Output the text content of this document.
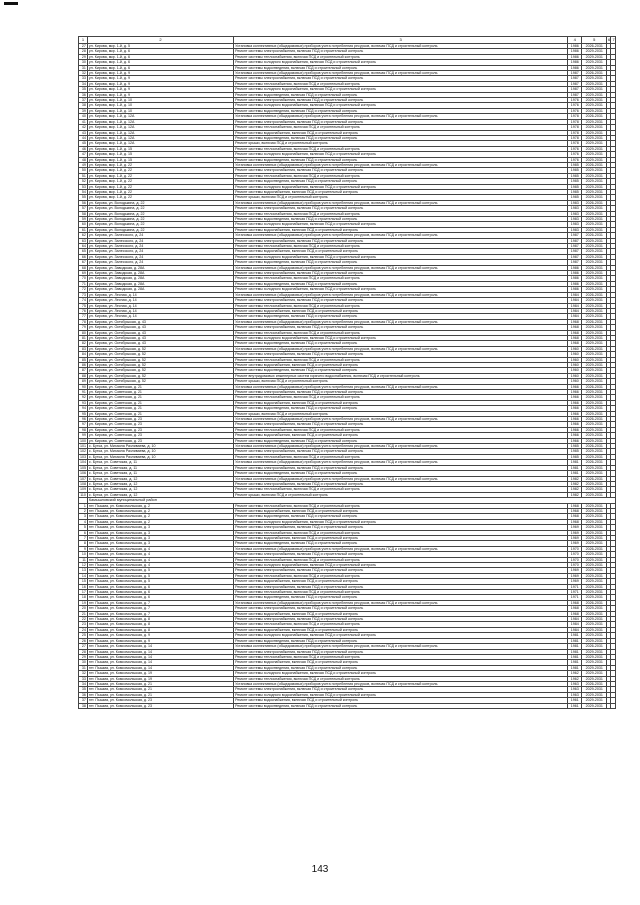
1	2	3	4	5	6	7
27	ул. Кирова, мкр. 1-й, д. 5	Установка коллективных (общедомовых) приборов учета потребления ресурсов, включая ПСД и строительный контроль	1986	2026-2031		
28	ул. Кирова, мкр. 1-й, д. 6	Ремонт системы электроснабжения, включая ПСД и строительный контроль	1986	2029-2031		
29	ул. Кирова, мкр. 1-й, д. 6	Ремонт системы теплоснабжения, включая ПСД и строительный контроль	1986	2029-2031		
30	ул. Кирова, мкр. 1-й, д. 6	Ремонт системы холодного водоснабжения, включая ПСД и строительный контроль	1986	2029-2031		
31	ул. Кирова, мкр. 1-й, д. 6	Ремонт системы водоотведения, включая ПСД и строительный контроль	1986	2029-2031		
32	ул. Кирова, мкр. 1-й, д. 9	Установка коллективных (общедомовых) приборов учета потребления ресурсов, включая ПСД и строительный контроль	1987	2026-2031		
33	ул. Кирова, мкр. 1-й, д. 9	Ремонт системы электроснабжения, включая ПСД и строительный контроль	1987	2029-2031		
34	ул. Кирова, мкр. 1-й, д. 9	Ремонт системы теплоснабжения, включая ПСД и строительный контроль	1987	2029-2031		
35	ул. Кирова, мкр. 1-й, д. 9	Ремонт системы холодного водоснабжения, включая ПСД и строительный контроль	1987	2029-2031		
36	ул. Кирова, мкр. 1-й, д. 9	Ремонт системы водоотведения, включая ПСД и строительный контроль	1987	2029-2031		
37	ул. Кирова, мкр. 1-й, д. 10	Ремонт системы электроснабжения, включая ПСД и строительный контроль	1976	2029-2031		
38	ул. Кирова, мкр. 1-й, д. 10	Ремонт системы холодного водоснабжения, включая ПСД и строительный контроль	1976	2029-2031		
39	ул. Кирова, мкр. 1-й, д. 10	Ремонт системы водоотведения, включая ПСД и строительный контроль	1976	2029-2031		
40	ул. Кирова, мкр. 1-й, д. 12А	Установка коллективных (общедомовых) приборов учета потребления ресурсов, включая ПСД и строительный контроль	1978	2026-2031		
41	ул. Кирова, мкр. 1-й, д. 12А	Ремонт системы электроснабжения, включая ПСД и строительный контроль	1978	2029-2031		
42	ул. Кирова, мкр. 1-й, д. 12А	Ремонт системы теплоснабжения, включая ПСД и строительный контроль	1978	2029-2031		
43	ул. Кирова, мкр. 1-й, д. 12А	Ремонт системы водоснабжения, включая ПСД и строительный контроль	1978	2029-2031		
44	ул. Кирова, мкр. 1-й, д. 12А	Ремонт системы водоотведения, включая ПСД и строительный контроль	1978	2029-2031		
45	ул. Кирова, мкр. 1-й, д. 12А	Ремонт крыши, включая ПСД и строительный контроль	1978	2029-2031		
46	ул. Кирова, мкр. 1-й, д. 15	Ремонт системы теплоснабжения, включая ПСД и строительный контроль	1976	2029-2031		
47	ул. Кирова, мкр. 1-й, д. 15	Ремонт системы холодного водоснабжения, включая ПСД и строительный контроль	1976	2029-2031		
48	ул. Кирова, мкр. 1-й, д. 15	Ремонт системы водоотведения, включая ПСД и строительный контроль	1976	2029-2031		
49	ул. Кирова, мкр. 1-й, д. 22	Установка коллективных (общедомовых) приборов учета потребления ресурсов, включая ПСД и строительный контроль	1985	2026-2031		
50	ул. Кирова, мкр. 1-й, д. 22	Ремонт системы электроснабжения, включая ПСД и строительный контроль	1985	2029-2031		
51	ул. Кирова, мкр. 1-й, д. 22	Ремонт системы теплоснабжения, включая ПСД и строительный контроль	1985	2029-2031		
52	ул. Кирова, мкр. 1-й, д. 22	Ремонт системы водоотведения, включая ПСД и строительный контроль	1985	2029-2031		
53	ул. Кирова, мкр. 1-й, д. 22	Ремонт системы холодного водоснабжения, включая ПСД и строительный контроль	1985	2029-2031		
54	ул. Кирова, мкр. 1-й, д. 22	Ремонт системы водоснабжения, включая ПСД и строительный контроль	1985	2029-2031		
55	ул. Кирова, мкр. 1-й, д. 22	Ремонт крыши, включая ПСД и строительный контроль	1985	2029-2031		
56	ул. Кирова, ул. Володькина, д. 22	Установка коллективных (общедомовых) приборов учета потребления ресурсов, включая ПСД и строительный контроль	1983	2026-2031		
57	ул. Кирова, ул. Володькина, д. 22	Ремонт системы электроснабжения, включая ПСД и строительный контроль	1983	2029-2031		
58	ул. Кирова, ул. Володькина, д. 22	Ремонт системы теплоснабжения, включая ПСД и строительный контроль	1983	2029-2031		
59	ул. Кирова, ул. Володькина, д. 22	Ремонт системы водоотведения, включая ПСД и строительный контроль	1983	2029-2031		
60	ул. Кирова, ул. Володькина, д. 22	Ремонт системы холодного водоснабжения, включая ПСД и строительный контроль	1983	2029-2031		
61	ул. Кирова, ул. Володькина, д. 22	Ремонт системы водоснабжения, включая ПСД и строительный контроль	1983	2029-2031		
62	ул. Кирова, ул. Залесского, д. 24	Установка коллективных (общедомовых) приборов учета потребления ресурсов, включая ПСД и строительный контроль	1987	2026-2031		
63	ул. Кирова, ул. Залесского, д. 24	Ремонт системы электроснабжения, включая ПСД и строительный контроль	1987	2029-2031		
64	ул. Кирова, ул. Залесского, д. 24	Ремонт системы теплоснабжения, включая ПСД и строительный контроль	1987	2029-2031		
65	ул. Кирова, ул. Залесского, д. 24	Ремонт системы водоснабжения, включая ПСД и строительный контроль	1987	2029-2031		
66	ул. Кирова, ул. Залесского, д. 24	Ремонт системы холодного водоснабжения, включая ПСД и строительный контроль	1987	2029-2031		
67	ул. Кирова, ул. Залесского, д. 24	Ремонт системы водоотведения, включая ПСД и строительный контроль	1987	2029-2031		
68	ул. Кирова, ул. Заводская, д. 28А	Установка коллективных (общедомовых) приборов учета потребления ресурсов, включая ПСД и строительный контроль	1986	2026-2031		
69	ул. Кирова, ул. Заводская, д. 28А	Ремонт системы электроснабжения, включая ПСД и строительный контроль	1986	2029-2031		
70	ул. Кирова, ул. Заводская, д. 28А	Ремонт системы теплоснабжения, включая ПСД и строительный контроль	1986	2029-2031		
71	ул. Кирова, ул. Заводская, д. 28А	Ремонт системы водоотведения, включая ПСД и строительный контроль	1986	2029-2031		
72	ул. Кирова, ул. Заводская, д. 28А	Ремонт системы холодного водоснабжения, включая ПСД и строительный контроль	1986	2029-2031		
73	ул. Кирова, ул. Лесная, д. 14	Установка коллективных (общедомовых) приборов учета потребления ресурсов, включая ПСД и строительный контроль	1984	2026-2031		
74	ул. Кирова, ул. Лесная, д. 14	Ремонт системы электроснабжения, включая ПСД и строительный контроль	1984	2029-2031		
75	ул. Кирова, ул. Лесная, д. 14	Ремонт системы теплоснабжения, включая ПСД и строительный контроль	1984	2029-2031		
76	ул. Кирова, ул. Лесная, д. 14	Ремонт системы водоснабжения, включая ПСД и строительный контроль	1984	2029-2031		
77	ул. Кирова, ул. Лесная, д. 14	Ремонт системы водоотведения, включая ПСД и строительный контроль	1984	2029-2031		
78	ул. Кирова, ул. Октябрьская, д. 43	Установка коллективных (общедомовых) приборов учета потребления ресурсов, включая ПСД и строительный контроль	1968	2026-2031		
79	ул. Кирова, ул. Октябрьская, д. 43	Ремонт системы электроснабжения, включая ПСД и строительный контроль	1968	2029-2031		
80	ул. Кирова, ул. Октябрьская, д. 43	Ремонт системы теплоснабжения, включая ПСД и строительный контроль	1968	2029-2031		
81	ул. Кирова, ул. Октябрьская, д. 43	Ремонт системы холодного водоснабжения, включая ПСД и строительный контроль	1968	2029-2031		
82	ул. Кирова, ул. Октябрьская, д. 43	Ремонт системы водоотведения, включая ПСД и строительный контроль	1968	2029-2031		
83	ул. Кирова, ул. Октябрьская, д. 52	Установка коллективных (общедомовых) приборов учета потребления ресурсов, включая ПСД и строительный контроль	1960	2026-2031		
84	ул. Кирова, ул. Октябрьская, д. 52	Ремонт системы электроснабжения, включая ПСД и строительный контроль	1960	2029-2031		
85	ул. Кирова, ул. Октябрьская, д. 52	Ремонт системы теплоснабжения, включая ПСД и строительный контроль	1960	2029-2031		
86	ул. Кирова, ул. Октябрьская, д. 52	Ремонт системы водоснабжения, включая ПСД и строительный контроль	1960	2029-2031		
87	ул. Кирова, ул. Октябрьская, д. 52	Ремонт системы водоотведения, включая ПСД и строительный контроль	1960	2029-2031		
88	ул. Кирова, ул. Октябрьская, д. 52	Ремонт внутридомовых инженерных систем горячего водоснабжения, включая ПСД и строительный контроль	1960	2029-2031		
89	ул. Кирова, ул. Октябрьская, д. 52	Ремонт крыши, включая ПСД и строительный контроль	1960	2029-2031		
90	ул. Кирова, ул. Советская, д. 21	Установка коллективных (общедомовых) приборов учета потребления ресурсов, включая ПСД и строительный контроль	1966	2026-2031		
91	ул. Кирова, ул. Советская, д. 21	Ремонт системы электроснабжения, включая ПСД и строительный контроль	1966	2029-2031		
92	ул. Кирова, ул. Советская, д. 21	Ремонт системы теплоснабжения, включая ПСД и строительный контроль	1966	2029-2031		
93	ул. Кирова, ул. Советская, д. 21	Ремонт системы водоснабжения, включая ПСД и строительный контроль	1966	2029-2031		
94	ул. Кирова, ул. Советская, д. 21	Ремонт системы водоотведения, включая ПСД и строительный контроль	1966	2029-2031		
95	ул. Кирова, ул. Советская, д. 21	Ремонт крыши, включая ПСД и строительный контроль	1966	2029-2031		
96	ул. Кирова, ул. Советская, д. 23	Установка коллективных (общедомовых) приборов учета потребления ресурсов, включая ПСД и строительный контроль	1966	2026-2031		
97	ул. Кирова, ул. Советская, д. 23	Ремонт системы электроснабжения, включая ПСД и строительный контроль	1966	2029-2031		
98	ул. Кирова, ул. Советская, д. 23	Ремонт системы теплоснабжения, включая ПСД и строительный контроль	1966	2029-2031		
99	ул. Кирова, ул. Советская, д. 23	Ремонт системы водоснабжения, включая ПСД и строительный контроль	1966	2029-2031		
100	ул. Кирова, ул. Советская, д. 23	Ремонт системы водоотведения, включая ПСД и строительный контроль	1966	2029-2031		
101	с. Бутка, ул. Михаила Разливаева, д. 10	Установка коллективных (общедомовых) приборов учета потребления ресурсов, включая ПСД и строительный контроль	1985	2026-2031		
102	с. Бутка, ул. Михаила Разливаева, д. 10	Ремонт системы электроснабжения, включая ПСД и строительный контроль	1985	2029-2031		
103	с. Бутка, ул. Михаила Разливаева, д. 10	Ремонт системы теплоснабжения, включая ПСД и строительный контроль	1985	2029-2031		
104	с. Бутка, ул. Советская, д. 11	Установка коллективных (общедомовых) приборов учета потребления ресурсов, включая ПСД и строительный контроль	1981	2026-2031		
105	с. Бутка, ул. Советская, д. 11	Ремонт системы электроснабжения, включая ПСД и строительный контроль	1981	2029-2031		
106	с. Бутка, ул. Советская, д. 11	Ремонт системы водоотведения, включая ПСД и строительный контроль	1981	2029-2031		
107	с. Бутка, ул. Советская, д. 12	Установка коллективных (общедомовых) приборов учета потребления ресурсов, включая ПСД и строительный контроль	1982	2026-2031		
108	с. Бутка, ул. Советская, д. 12	Ремонт системы электроснабжения, включая ПСД и строительный контроль	1982	2029-2031		
109	с. Бутка, ул. Советская, д. 12	Ремонт системы теплоснабжения, включая ПСД и строительный контроль	1982	2029-2031		
110	с. Бутка, ул. Советская, д. 12	Ремонт крыши, включая ПСД и строительный контроль	1982	2029-2031		
	Камышловский муниципальный район					
1	пгт. Пышма, ул. Комсомольская, д. 2	Ремонт системы теплоснабжения, включая ПСД и строительный контроль	1968	2029-2031		
2	пгт. Пышма, ул. Комсомольская, д. 2	Ремонт системы водоснабжения, включая ПСД и строительный контроль	1968	2029-2031		
3	пгт. Пышма, ул. Комсомольская, д. 2	Ремонт системы водоотведения, включая ПСД и строительный контроль	1968	2029-2031		
4	пгт. Пышма, ул. Комсомольская, д. 2	Ремонт системы холодного водоснабжения, включая ПСД и строительный контроль	1968	2029-2031		
5	пгт. Пышма, ул. Комсомольская, д. 3	Ремонт системы электроснабжения, включая ПСД и строительный контроль	1969	2029-2031		
6	пгт. Пышма, ул. Комсомольская, д. 3	Ремонт системы теплоснабжения, включая ПСД и строительный контроль	1969	2029-2031		
7	пгт. Пышма, ул. Комсомольская, д. 3	Ремонт системы водоснабжения, включая ПСД и строительный контроль	1969	2029-2031		
8	пгт. Пышма, ул. Комсомольская, д. 3	Ремонт системы водоотведения, включая ПСД и строительный контроль	1969	2029-2031		
9	пгт. Пышма, ул. Комсомольская, д. 4	Установка коллективных (общедомовых) приборов учета потребления ресурсов, включая ПСД и строительный контроль	1970	2026-2031		
10	пгт. Пышма, ул. Комсомольская, д. 4	Ремонт системы электроснабжения, включая ПСД и строительный контроль	1970	2029-2031		
11	пгт. Пышма, ул. Комсомольская, д. 4	Ремонт системы теплоснабжения, включая ПСД и строительный контроль	1970	2029-2031		
12	пгт. Пышма, ул. Комсомольская, д. 4	Ремонт системы холодного водоснабжения, включая ПСД и строительный контроль	1970	2029-2031		
13	пгт. Пышма, ул. Комсомольская, д. 5	Ремонт системы электроснабжения, включая ПСД и строительный контроль	1969	2029-2031		
14	пгт. Пышма, ул. Комсомольская, д. 5	Ремонт системы теплоснабжения, включая ПСД и строительный контроль	1969	2029-2031		
15	пгт. Пышма, ул. Комсомольская, д. 5	Ремонт системы водоснабжения, включая ПСД и строительный контроль	1969	2029-2031		
16	пгт. Пышма, ул. Комсомольская, д. 6	Ремонт системы электроснабжения, включая ПСД и строительный контроль	1971	2029-2031		
17	пгт. Пышма, ул. Комсомольская, д. 6	Ремонт системы теплоснабжения, включая ПСД и строительный контроль	1971	2029-2031		
18	пгт. Пышма, ул. Комсомольская, д. 6	Ремонт системы водоотведения, включая ПСД и строительный контроль	1971	2029-2031		
19	пгт. Пышма, ул. Комсомольская, д. 7	Установка коллективных (общедомовых) приборов учета потребления ресурсов, включая ПСД и строительный контроль	1968	2026-2031		
20	пгт. Пышма, ул. Комсомольская, д. 7	Ремонт системы электроснабжения, включая ПСД и строительный контроль	1968	2029-2031		
21	пгт. Пышма, ул. Комсомольская, д. 7	Ремонт системы водоснабжения, включая ПСД и строительный контроль	1968	2029-2031		
22	пгт. Пышма, ул. Комсомольская, д. 8	Ремонт системы электроснабжения, включая ПСД и строительный контроль	1984	2029-2031		
23	пгт. Пышма, ул. Комсомольская, д. 8	Ремонт системы теплоснабжения, включая ПСД и строительный контроль	1984	2029-2031		
24	пгт. Пышма, ул. Комсомольская, д. 8	Ремонт системы водоснабжения, включая ПСД и строительный контроль	1984	2029-2031		
25	пгт. Пышма, ул. Комсомольская, д. 9	Ремонт системы холодного водоснабжения, включая ПСД и строительный контроль	1981	2029-2031		
26	пгт. Пышма, ул. Комсомольская, д. 9	Ремонт системы водоотведения, включая ПСД и строительный контроль	1981	2029-2031		
27	пгт. Пышма, ул. Комсомольская, д. 14	Установка коллективных (общедомовых) приборов учета потребления ресурсов, включая ПСД и строительный контроль	1981	2026-2031		
28	пгт. Пышма, ул. Комсомольская, д. 14	Ремонт системы электроснабжения, включая ПСД и строительный контроль	1981	2029-2031		
29	пгт. Пышма, ул. Комсомольская, д. 14	Ремонт системы теплоснабжения, включая ПСД и строительный контроль	1981	2029-2031		
30	пгт. Пышма, ул. Комсомольская, д. 14	Ремонт системы водоснабжения, включая ПСД и строительный контроль	1981	2029-2031		
31	пгт. Пышма, ул. Комсомольская, д. 14	Ремонт системы водоотведения, включая ПСД и строительный контроль	1981	2029-2031		
32	пгт. Пышма, ул. Комсомольская, д. 19	Ремонт системы холодного водоснабжения, включая ПСД и строительный контроль	1962	2029-2031		
33	пгт. Пышма, ул. Комсомольская, д. 19	Ремонт системы теплоснабжения, включая ПСД и строительный контроль	1962	2029-2031		
34	пгт. Пышма, ул. Комсомольская, д. 21	Установка коллективных (общедомовых) приборов учета потребления ресурсов, включая ПСД и строительный контроль	1963	2026-2031		
35	пгт. Пышма, ул. Комсомольская, д. 21	Ремонт системы электроснабжения, включая ПСД и строительный контроль	1963	2029-2031		
36	пгт. Пышма, ул. Комсомольская, д. 21	Ремонт системы холодного водоснабжения, включая ПСД и строительный контроль	1963	2029-2031		
37	пгт. Пышма, ул. Комсомольская, д. 23	Ремонт системы водоснабжения, включая ПСД и строительный контроль	1961	2029-2031		
38	пгт. Пышма, ул. Комсомольская, д. 23	Ремонт системы водоотведения, включая ПСД и строительный контроль	1961	2029-2031		
143
